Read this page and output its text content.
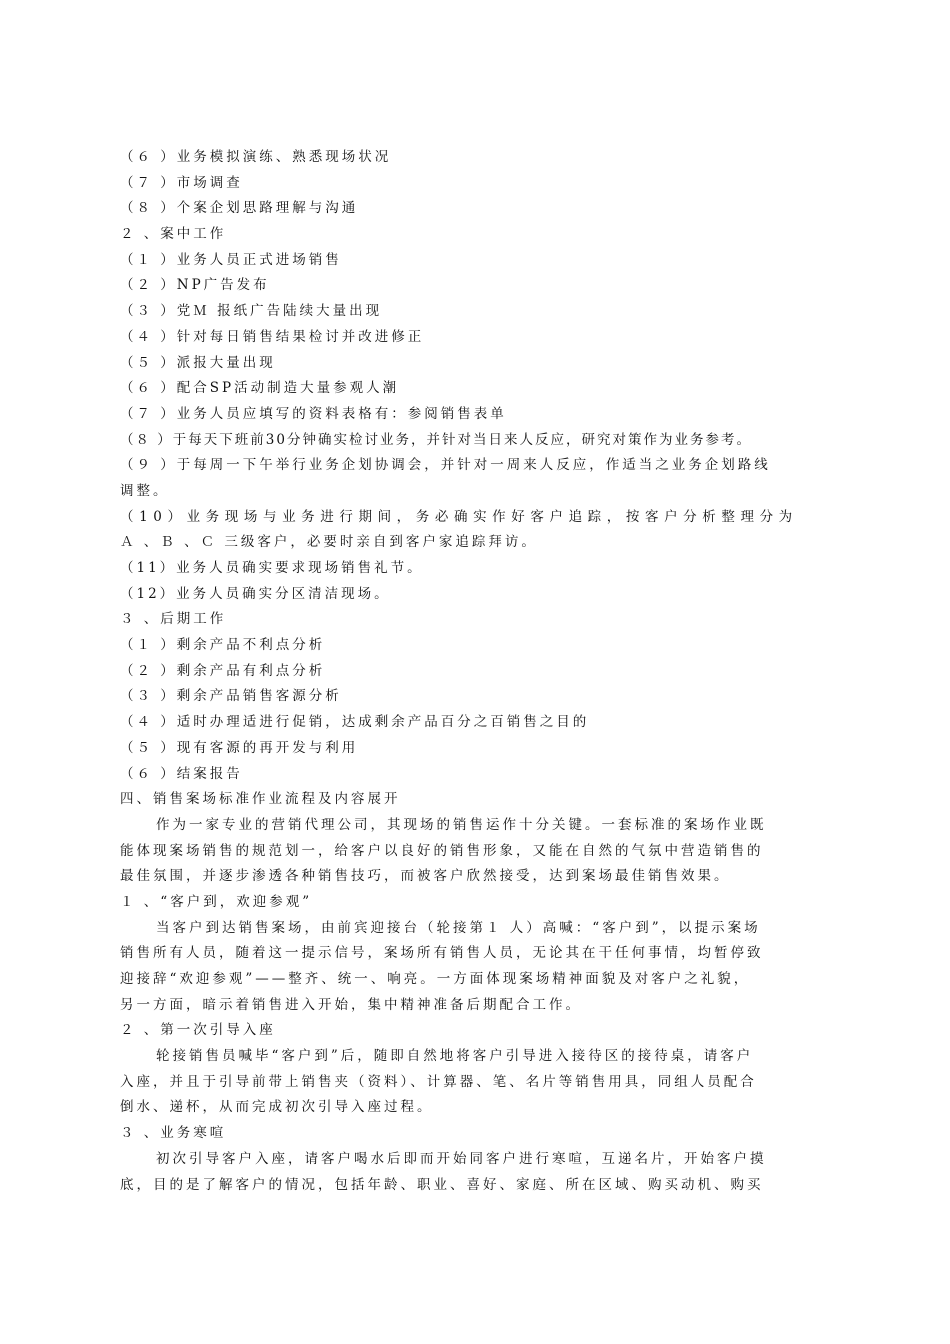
（６ ）业务模拟演练、熟悉现场状况
（７ ）市场调查
（８ ）个案企划思路理解与沟通
２ 、案中工作
（１ ）业务人员正式进场销售
（２ ）NP广告发布
（３ ）党Ｍ 报纸广告陆续大量出现
（４ ）针对每日销售结果检讨并改进修正
（５ ）派报大量出现
（６ ）配合SP活动制造大量参观人潮
（７ ）业务人员应填写的资料表格有：参阅销售表单
（８ ）于每天下班前30分钟确实检讨业务，并针对当日来人反应，研究对策作为业务参考。
（９ ）于每周一下午举行业务企划协调会，并针对一周来人反应，作适当之业务企划路线
调整。
（10）业务现场与业务进行期间，务必确实作好客户追踪，按客户分析整理分为
Ａ 、Ｂ 、Ｃ 三级客户，必要时亲自到客户家追踪拜访。
（11）业务人员确实要求现场销售礼节。
（12）业务人员确实分区清洁现场。
３ 、后期工作
（１ ）剩余产品不利点分析
（２ ）剩余产品有利点分析
（３ ）剩余产品销售客源分析
（４ ）适时办理适进行促销，达成剩余产品百分之百销售之目的
（５ ）现有客源的再开发与利用
（６ ）结案报告
四、销售案场标准作业流程及内容展开
作为一家专业的营销代理公司，其现场的销售运作十分关键。一套标准的案场作业既
能体现案场销售的规范划一，给客户以良好的销售形象，又能在自然的气氛中营造销售的
最佳氛围，并逐步渗透各种销售技巧，而被客户欣然接受，达到案场最佳销售效果。
１ 、“客户到，欢迎参观”
当客户到达销售案场，由前宾迎接台（轮接第１ 人）高喊：“客户到”，以提示案场
销售所有人员，随着这一提示信号，案场所有销售人员，无论其在干任何事情，均暂停致
迎接辞“欢迎参观”——整齐、统一、响亮。一方面体现案场精神面貌及对客户之礼貌，
另一方面，暗示着销售进入开始，集中精神准备后期配合工作。
２ 、第一次引导入座
轮接销售员喊毕“客户到”后，随即自然地将客户引导进入接待区的接待桌，请客户
入座，并且于引导前带上销售夹（资料）、计算器、笔、名片等销售用具，同组人员配合
倒水、递杯，从而完成初次引导入座过程。
３ 、业务寒喧
初次引导客户入座，请客户喝水后即而开始同客户进行寒喧，互递名片，开始客户摸
底，目的是了解客户的情况，包括年龄、职业、喜好、家庭、所在区域、购买动机、购买
